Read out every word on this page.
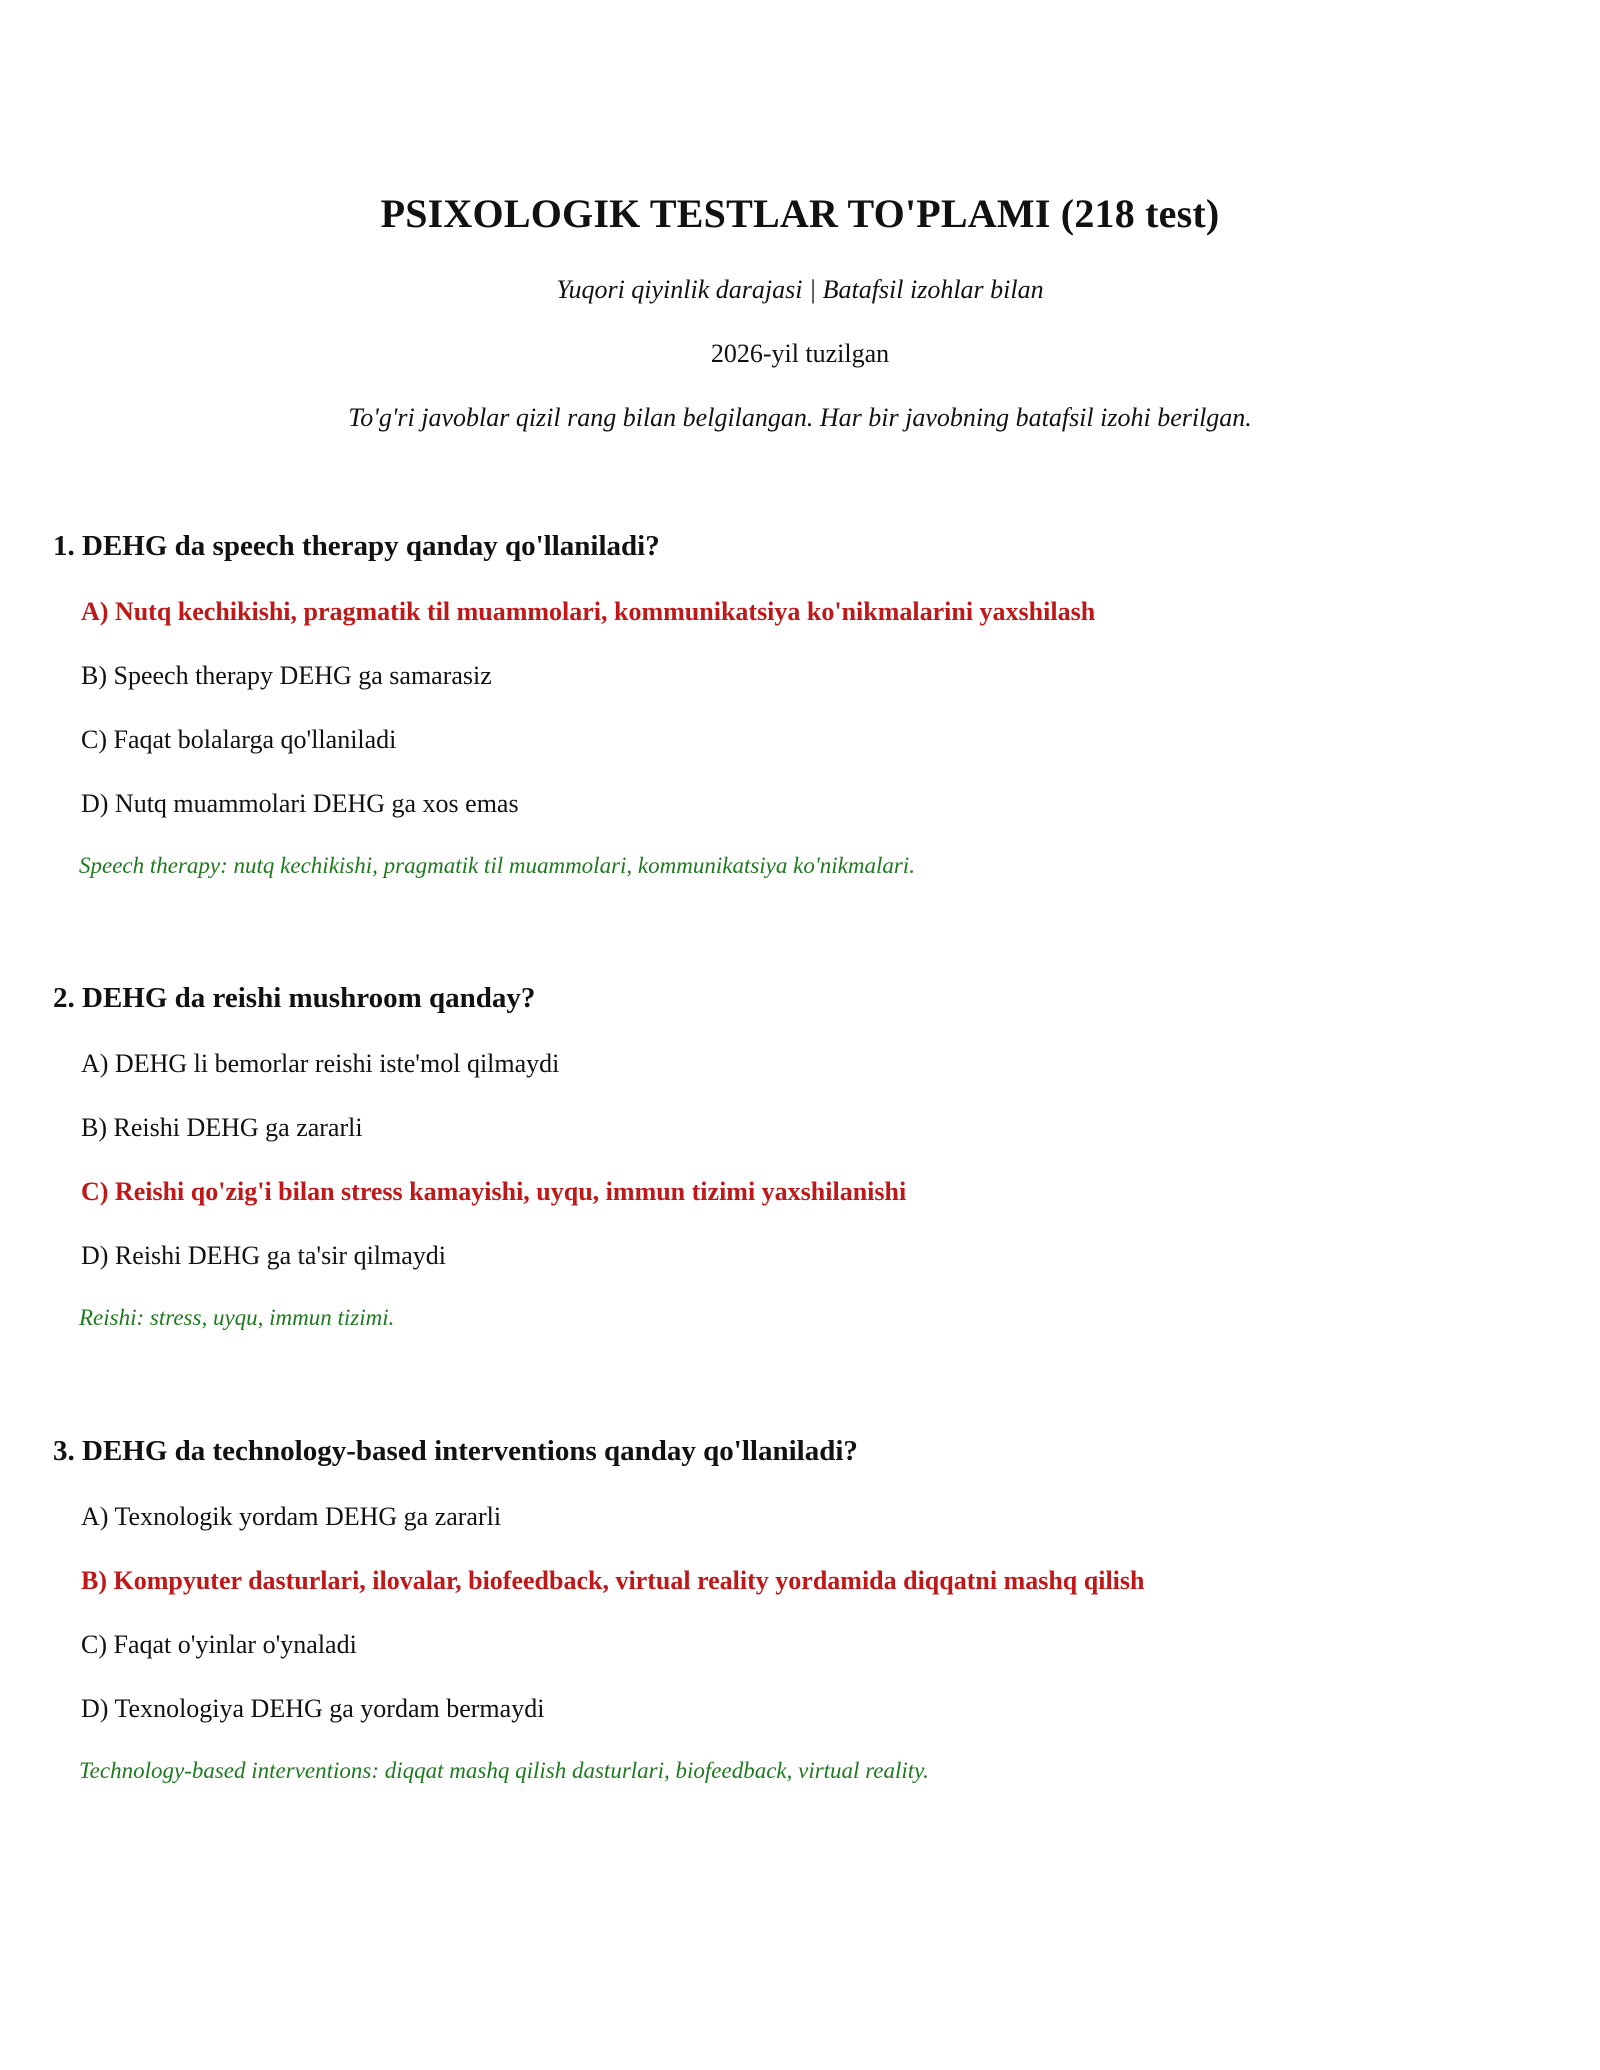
PSIXOLOGIK TESTLAR TO'PLAMI (218 test)
Yuqori qiyinlik darajasi | Batafsil izohlar bilan
2026-yil tuzilgan
To'g'ri javoblar qizil rang bilan belgilangan. Har bir javobning batafsil izohi berilgan.

1. DEHG da speech therapy qanday qo'llaniladi?

A) Nutq kechikishi, pragmatik til muammolari, kommunikatsiya ko'nikmalarini yaxshilash
B) Speech therapy DEHG ga samarasiz
C) Faqat bolalarga qo'llaniladi
D) Nutq muammolari DEHG ga xos emas
Speech therapy: nutq kechikishi, pragmatik til muammolari, kommunikatsiya ko'nikmalari.

2. DEHG da reishi mushroom qanday?

A) DEHG li bemorlar reishi iste'mol qilmaydi
B) Reishi DEHG ga zararli
C) Reishi qo'zig'i bilan stress kamayishi, uyqu, immun tizimi yaxshilanishi
D) Reishi DEHG ga ta'sir qilmaydi
Reishi: stress, uyqu, immun tizimi.

3. DEHG da technology-based interventions qanday qo'llaniladi?

A) Texnologik yordam DEHG ga zararli
B) Kompyuter dasturlari, ilovalar, biofeedback, virtual reality yordamida diqqatni mashq qilish
C) Faqat o'yinlar o'ynaladi
D) Texnologiya DEHG ga yordam bermaydi
Technology-based interventions: diqqat mashq qilish dasturlari, biofeedback, virtual reality.
